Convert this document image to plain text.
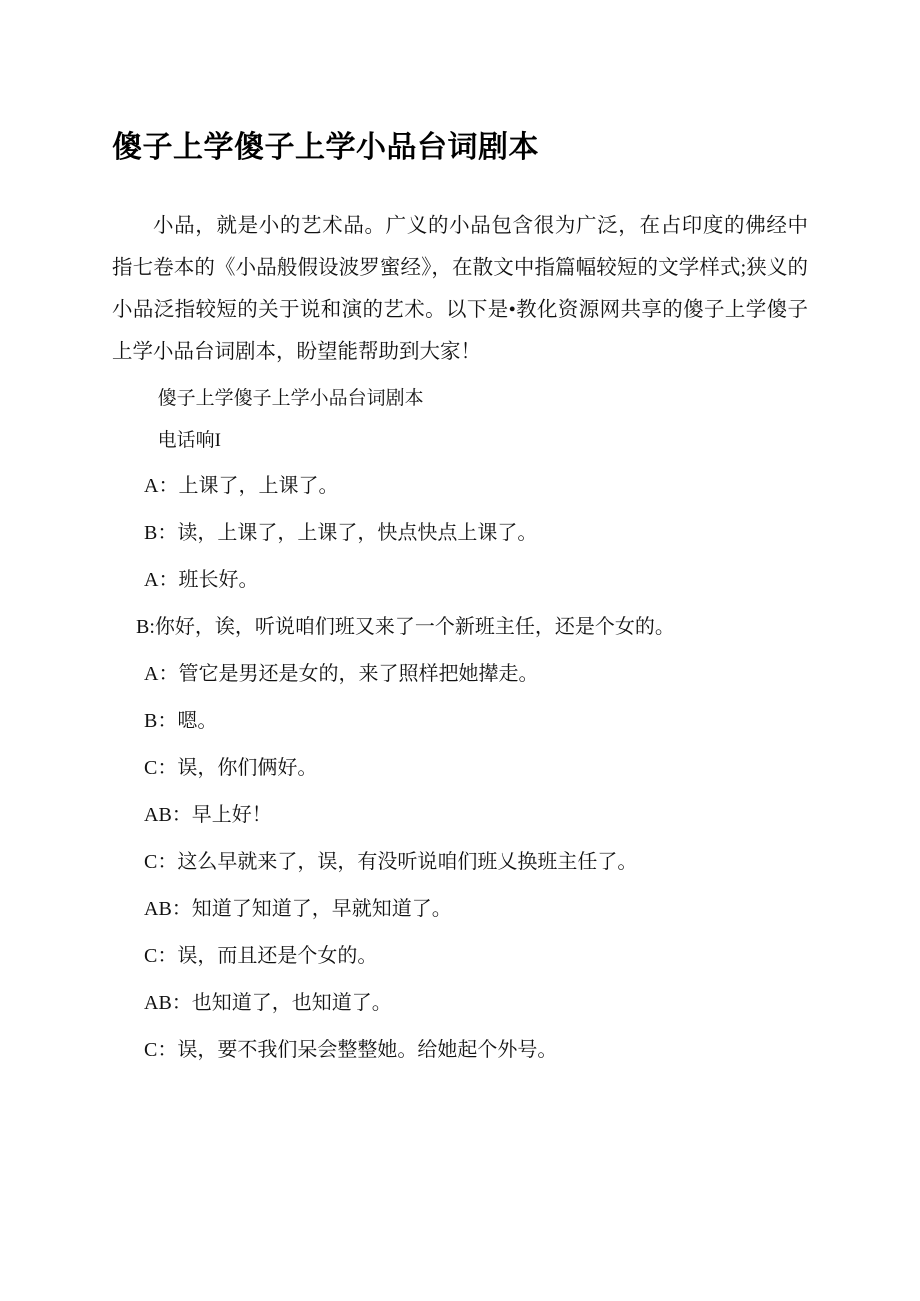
傻子上学傻子上学小品台词剧本

小品，就是小的艺术品。广义的小品包含很为广泛，在占印度的佛经中指七卷本的《小品般假设波罗蜜经》，在散文中指篇幅较短的文学样式;狭义的小品泛指较短的关于说和演的艺术。以下是•教化资源网共享的傻子上学傻子上学小品台词剧本，盼望能帮助到大家！

傻子上学傻子上学小品台词剧本

电话响I

A：上课了，上课了。

B：读，上课了，上课了，快点快点上课了。

A：班长好。

B:你好，诶，听说咱们班又来了一个新班主任，还是个女的。

A：管它是男还是女的，来了照样把她撵走。

B：嗯。

C：误，你们俩好。

AB：早上好！

C：这么早就来了，误，有没听说咱们班乂换班主任了。

AB：知道了知道了，早就知道了。

C：误，而且还是个女的。

AB：也知道了，也知道了。

C：误，要不我们呆会整整她。给她起个外号。
